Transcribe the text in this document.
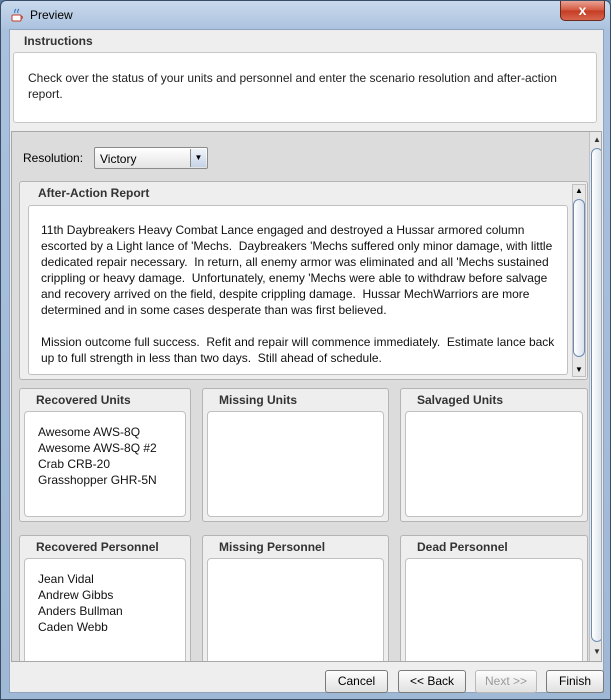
Preview	x
Instructions
Check over the status of your units and personnel and enter the scenario resolution and after-action report.
Resolution: Victory	▼
After-Action Report
11th Daybreakers Heavy Combat Lance engaged and destroyed a Hussar armored column escorted by a Light lance of 'Mechs.  Daybreakers 'Mechs suffered only minor damage, with little dedicated repair necessary.  In return, all enemy armor was eliminated and all 'Mechs sustained crippling or heavy damage.  Unfortunately, enemy 'Mechs were able to withdraw before salvage and recovery arrived on the field, despite crippling damage.  Hussar MechWarriors are more determined and in some cases desperate than was first believed.

Mission outcome full success.  Refit and repair will commence immediately.  Estimate lance back up to full strength in less than two days.  Still ahead of schedule.
▲
▼
Recovered Units
Awesome AWS-8Q
Awesome AWS-8Q #2
Crab CRB-20
Grasshopper GHR-5N
Missing Units	Salvaged Units
Recovered Personnel
Jean Vidal
Andrew Gibbs
Anders Bullman
Caden Webb
Missing Personnel	Dead Personnel
▲
▼
Cancel	<< Back	Next >>	Finish
